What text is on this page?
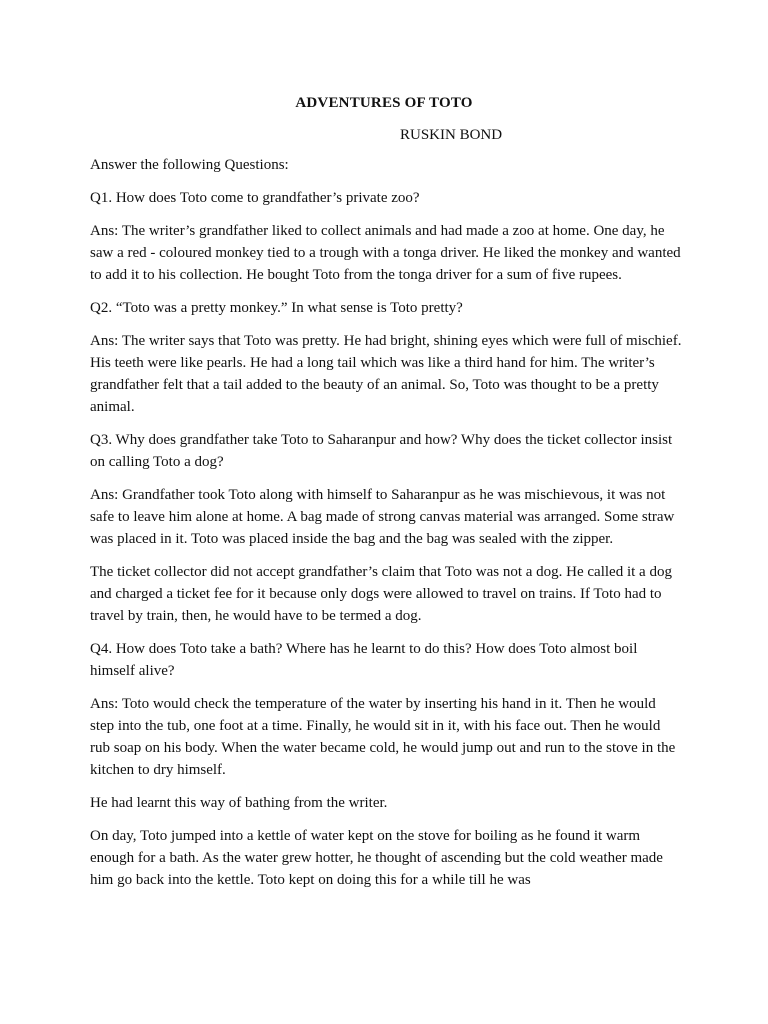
ADVENTURES OF TOTO
RUSKIN BOND

Answer the following Questions:

Q1. How does Toto come to grandfather’s private zoo?

Ans: The writer’s grandfather liked to collect animals and had made a zoo at home. One day, he saw a red - coloured monkey tied to a trough with a tonga driver. He liked the monkey and wanted to add it to his collection. He bought Toto from the tonga driver for a sum of five rupees.

Q2. “Toto was a pretty monkey.” In what sense is Toto pretty?

Ans: The writer says that Toto was pretty. He had bright, shining eyes which were full of mischief. His teeth were like pearls. He had a long tail which was like a third hand for him. The writer’s grandfather felt that a tail added to the beauty of an animal. So, Toto was thought to be a pretty animal.

Q3. Why does grandfather take Toto to Saharanpur and how? Why does the ticket collector insist on calling Toto a dog?

Ans: Grandfather took Toto along with himself to Saharanpur as he was mischievous, it was not safe to leave him alone at home. A bag made of strong canvas material was arranged. Some straw was placed in it. Toto was placed inside the bag and the bag was sealed with the zipper.

The ticket collector did not accept grandfather’s claim that Toto was not a dog. He called it a dog and charged a ticket fee for it because only dogs were allowed to travel on trains. If Toto had to travel by train, then, he would have to be termed a dog.

Q4. How does Toto take a bath? Where has he learnt to do this? How does Toto almost boil himself alive?

Ans: Toto would check the temperature of the water by inserting his hand in it. Then he would step into the tub, one foot at a time. Finally, he would sit in it, with his face out. Then he would rub soap on his body. When the water became cold, he would jump out and run to the stove in the kitchen to dry himself.

He had learnt this way of bathing from the writer.

On day, Toto jumped into a kettle of water kept on the stove for boiling as he found it warm enough for a bath. As the water grew hotter, he thought of ascending but the cold weather made him go back into the kettle. Toto kept on doing this for a while till he was
